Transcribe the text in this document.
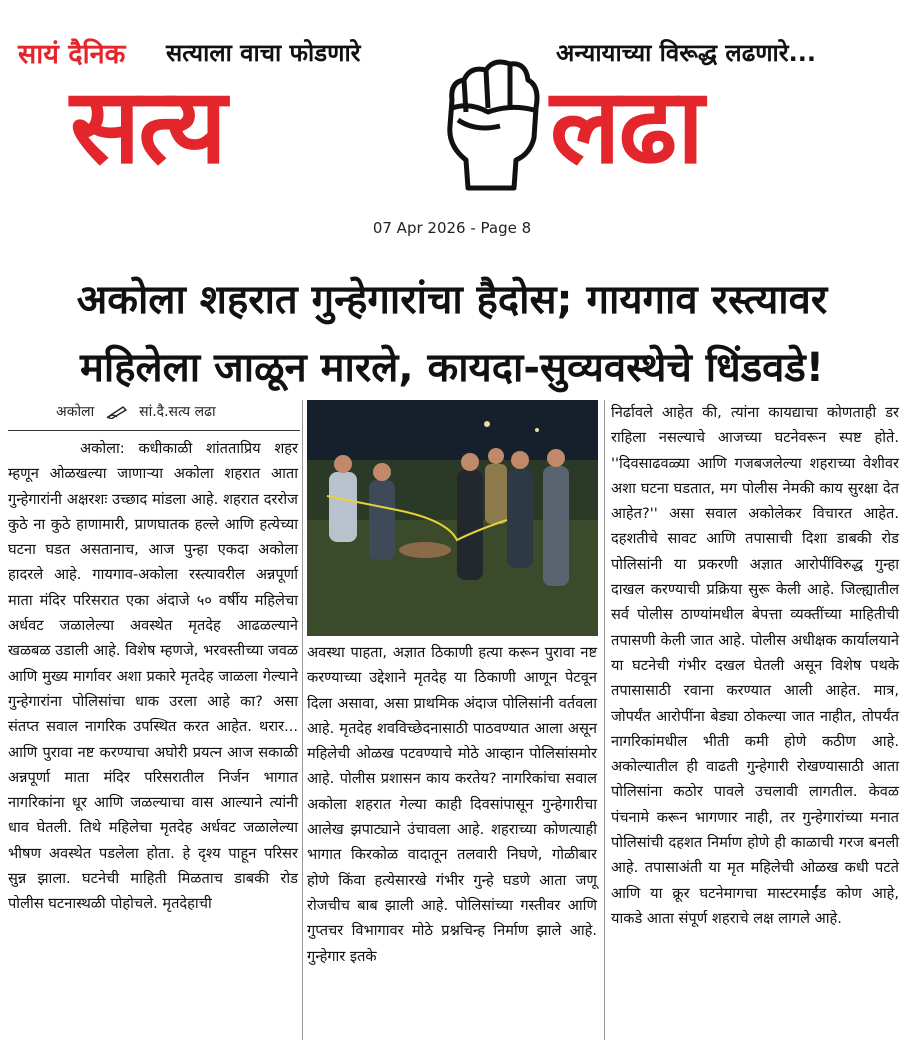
सायं दैनिक सत्याला वाचा फोडणारे	अन्यायाच्या विरूद्ध लढणारे...
सत्य	लढा
07 Apr 2026 - Page 8
अकोला शहरात गुन्हेगारांचा हैदोस; गायगाव रस्त्यावर
महिलेला जाळून मारले, कायदा-सुव्यवस्थेचे धिंडवडे!
अकोला	सां.दै.सत्य लढा
अकोला: कधीकाळी शांतताप्रिय शहर म्हणून ओळखल्या जाणाऱ्या अकोला शहरात आता गुन्हेगारांनी अक्षरशः उच्छाद मांडला आहे. शहरात दररोज कुठे ना कुठे हाणामारी, प्राणघातक हल्ले आणि हत्येच्या घटना घडत असतानाच, आज पुन्हा एकदा अकोला हादरले आहे. गायगाव-अकोला रस्त्यावरील अन्नपूर्णा माता मंदिर परिसरात एका अंदाजे ५० वर्षीय महिलेचा अर्धवट जळालेल्या अवस्थेत मृतदेह आढळल्याने खळबळ उडाली आहे. विशेष म्हणजे, भरवस्तीच्या जवळ आणि मुख्य मार्गावर अशा प्रकारे मृतदेह जाळला गेल्याने गुन्हेगारांना पोलिसांचा धाक उरला आहे का? असा संतप्त सवाल नागरिक उपस्थित करत आहेत. थरार... आणि पुरावा नष्ट करण्याचा अघोरी प्रयत्न आज सकाळी अन्नपूर्णा माता मंदिर परिसरातील निर्जन भागात नागरिकांना धूर आणि जळल्याचा वास आल्याने त्यांनी धाव घेतली. तिथे महिलेचा मृतदेह अर्धवट जळालेल्या भीषण अवस्थेत पडलेला होता. हे दृश्य पाहून परिसर सुन्न झाला. घटनेची माहिती मिळताच डाबकी रोड पोलीस घटनास्थळी पोहोचले. मृतदेहाची
अवस्था पाहता, अज्ञात ठिकाणी हत्या करून पुरावा नष्ट करण्याच्या उद्देशाने मृतदेह या ठिकाणी आणून पेटवून दिला असावा, असा प्राथमिक अंदाज पोलिसांनी वर्तवला आहे. मृतदेह शवविच्छेदनासाठी पाठवण्यात आला असून महिलेची ओळख पटवण्याचे मोठे आव्हान पोलिसांसमोर आहे. पोलीस प्रशासन काय करतेय? नागरिकांचा सवाल अकोला शहरात गेल्या काही दिवसांपासून गुन्हेगारीचा आलेख झपाट्याने उंचावला आहे. शहराच्या कोणत्याही भागात किरकोळ वादातून तलवारी निघणे, गोळीबार होणे किंवा हत्येसारखे गंभीर गुन्हे घडणे आता जणू रोजचीच बाब झाली आहे. पोलिसांच्या गस्तीवर आणि गुप्तचर विभागावर मोठे प्रश्नचिन्ह निर्माण झाले आहे. गुन्हेगार इतके
निर्ढावले आहेत की, त्यांना कायद्याचा कोणताही डर राहिला नसल्याचे आजच्या घटनेवरून स्पष्ट होते. ''दिवसाढवळ्या आणि गजबजलेल्या शहराच्या वेशीवर अशा घटना घडतात, मग पोलीस नेमकी काय सुरक्षा देत आहेत?'' असा सवाल अकोलेकर विचारत आहेत. दहशतीचे सावट आणि तपासाची दिशा डाबकी रोड पोलिसांनी या प्रकरणी अज्ञात आरोपींविरुद्ध गुन्हा दाखल करण्याची प्रक्रिया सुरू केली आहे. जिल्ह्यातील सर्व पोलीस ठाण्यांमधील बेपत्ता व्यक्तींच्या माहितीची तपासणी केली जात आहे. पोलीस अधीक्षक कार्यालयाने या घटनेची गंभीर दखल घेतली असून विशेष पथके तपासासाठी रवाना करण्यात आली आहेत. मात्र, जोपर्यंत आरोपींना बेड्या ठोकल्या जात नाहीत, तोपर्यंत नागरिकांमधील भीती कमी होणे कठीण आहे. अकोल्यातील ही वाढती गुन्हेगारी रोखण्यासाठी आता पोलिसांना कठोर पावले उचलावी लागतील. केवळ पंचनामे करून भागणार नाही, तर गुन्हेगारांच्या मनात पोलिसांची दहशत निर्माण होणे ही काळाची गरज बनली आहे. तपासाअंती या मृत महिलेची ओळख कधी पटते आणि या क्रूर घटनेमागचा मास्टरमाईंड कोण आहे, याकडे आता संपूर्ण शहराचे लक्ष लागले आहे.
